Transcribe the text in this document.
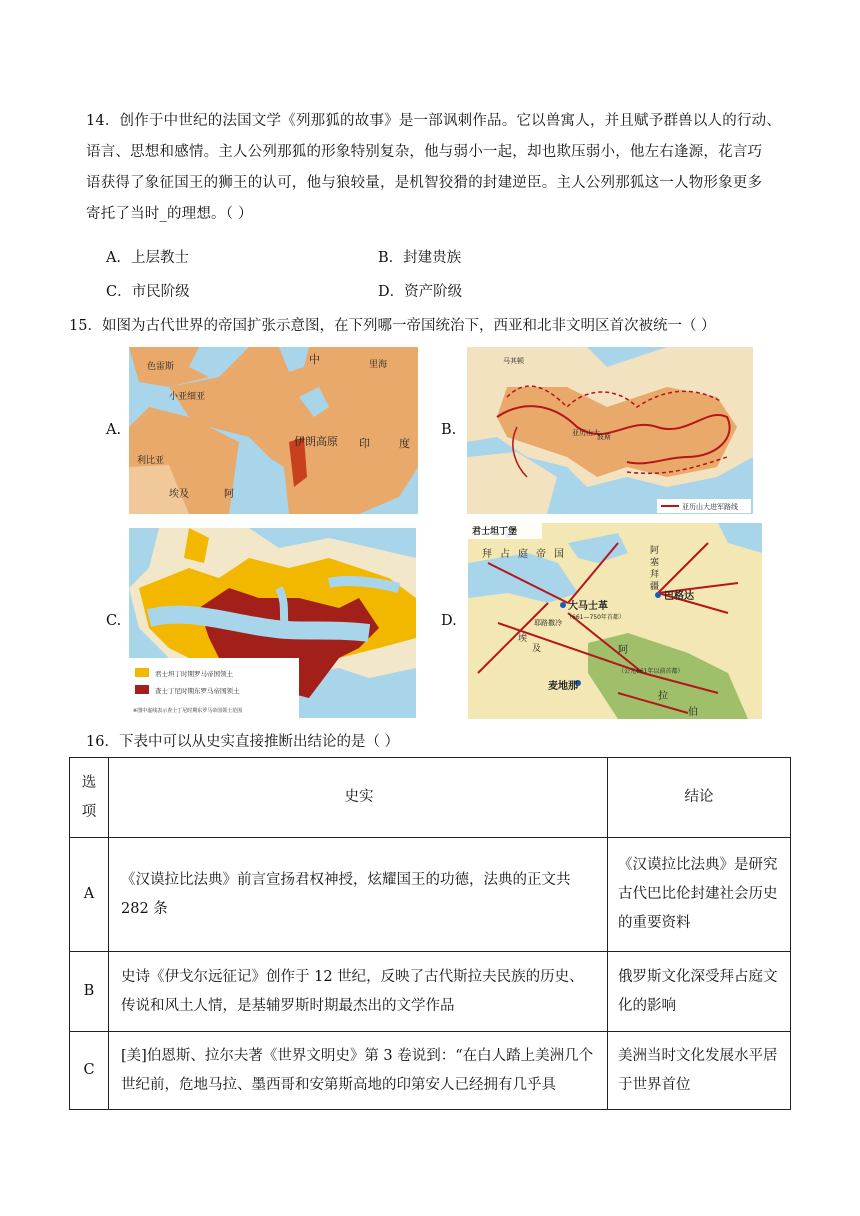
14．创作于中世纪的法国文学《列那狐的故事》是一部讽刺作品。它以兽寓人，并且赋予群兽以人的行动、
语言、思想和感情。主人公列那狐的形象特别复杂，他与弱小一起，却也欺压弱小，他左右逢源，花言巧
语获得了象征国王的狮王的认可，他与狼较量，是机智狡猾的封建逆臣。主人公列那狐这一人物形象更多
寄托了当时_的理想。（ ）
A．上层教士	B．封建贵族
C．市民阶级	D．资产阶级
15．如图为古代世界的帝国扩张示意图，在下列哪一帝国统治下，西亚和北非文明区首次被统一（ ）
A.	B.
C.	D.
色雷斯
小亚细亚
中
伊朗高原 印	度
利比亚
埃及	阿
里海	马其顿
亚历山大
波斯
亚历山大进军路线
君士坦丁时期罗马帝国领土
查士丁尼时期东罗马帝国领土
※图中虚线表示查士丁尼时期东罗马帝国领土范围
君士坦丁堡
拜 占 庭 帝 国
大马士革
（661—750年首都）
巴格达
耶路撒冷
阿
塞
拜
疆
埃
及	阿
麦地那
（公元661年以前首都）
拉
伯
16．下表中可以从史实直接推断出结论的是（ ）
选
项	史实	结论
A	《汉谟拉比法典》前言宣扬君权神授，炫耀国王的功德，法典的正文共282 条	《汉谟拉比法典》是研究古代巴比伦封建社会历史的重要资料
B	史诗《伊戈尔远征记》创作于 12 世纪，反映了古代斯拉夫民族的历史、传说和风土人情，是基辅罗斯时期最杰出的文学作品	俄罗斯文化深受拜占庭文化的影响
C	[美]伯恩斯、拉尔夫著《世界文明史》第 3 卷说到：“在白人踏上美洲几个世纪前，危地马拉、墨西哥和安第斯高地的印第安人已经拥有几乎具	美洲当时文化发展水平居于世界首位
